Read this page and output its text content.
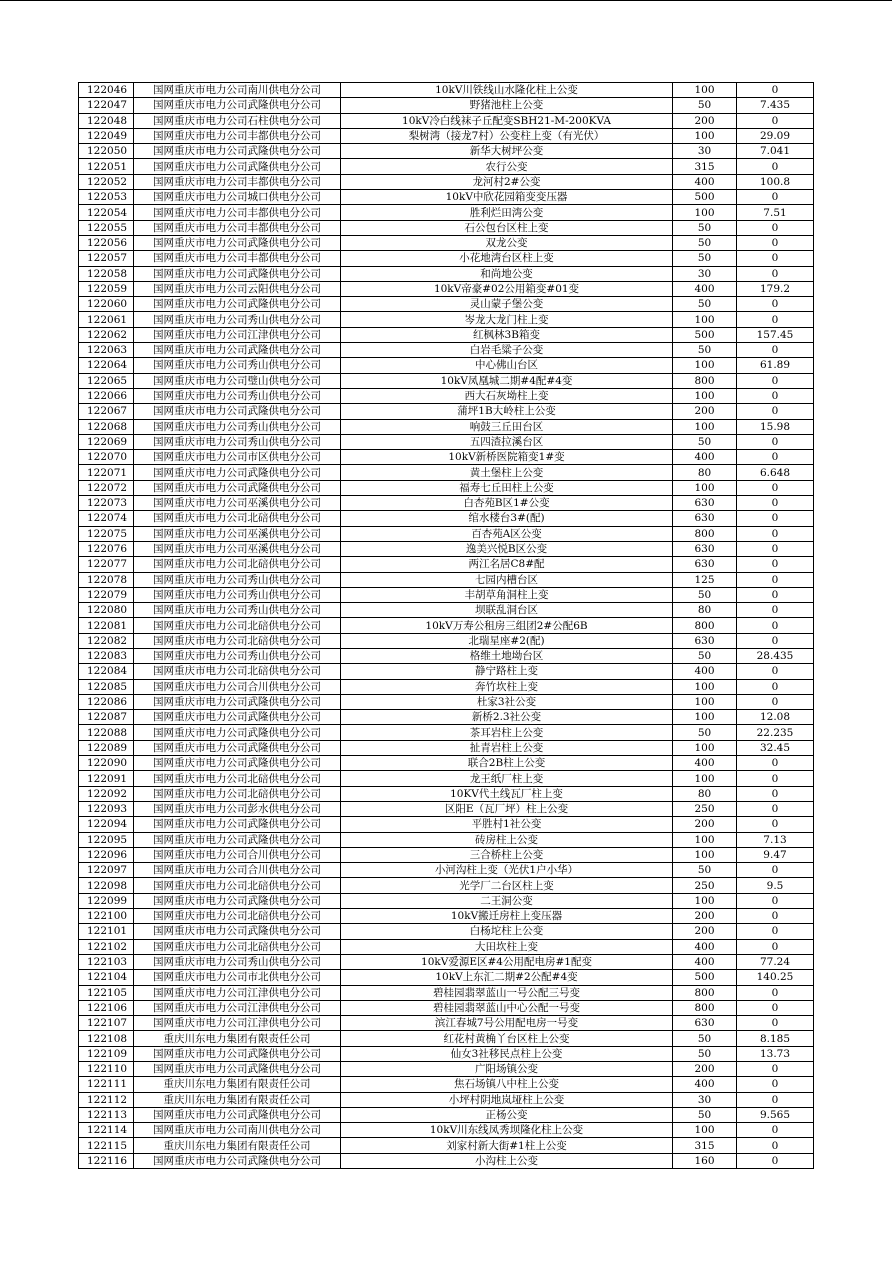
122046	国网重庆市电力公司南川供电分公司	10kV川铁线山水隆化柱上公变	100	0
122047	国网重庆市电力公司武隆供电分公司	野猪池柱上公变	50	7.435
122048	国网重庆市电力公司石柱供电分公司	10kV冷白线袜子丘配变SBH21-M-200KVA	200	0
122049	国网重庆市电力公司丰都供电分公司	梨树湾（接龙7村）公变柱上变（有光伏）	100	29.09
122050	国网重庆市电力公司武隆供电分公司	新华大树坪公变	30	7.041
122051	国网重庆市电力公司武隆供电分公司	农行公变	315	0
122052	国网重庆市电力公司丰都供电分公司	龙河村2#公变	400	100.8
122053	国网重庆市电力公司城口供电分公司	10kV中欣花园箱变变压器	500	0
122054	国网重庆市电力公司丰都供电分公司	胜利烂田湾公变	100	7.51
122055	国网重庆市电力公司丰都供电分公司	石公包台区柱上变	50	0
122056	国网重庆市电力公司武隆供电分公司	双龙公变	50	0
122057	国网重庆市电力公司丰都供电分公司	小花地湾台区柱上变	50	0
122058	国网重庆市电力公司武隆供电分公司	和尚地公变	30	0
122059	国网重庆市电力公司云阳供电分公司	10kV帝豪#02公用箱变#01变	400	179.2
122060	国网重庆市电力公司武隆供电分公司	灵山蒙子堡公变	50	0
122061	国网重庆市电力公司秀山供电分公司	岑龙大龙门柱上变	100	0
122062	国网重庆市电力公司江津供电分公司	红枫林3B箱变	500	157.45
122063	国网重庆市电力公司武隆供电分公司	白岩毛粱子公变	50	0
122064	国网重庆市电力公司秀山供电分公司	中心佛山台区	100	61.89
122065	国网重庆市电力公司璧山供电分公司	10kV凤凰城二期#4配#4变	800	0
122066	国网重庆市电力公司秀山供电分公司	西大石灰坳柱上变	100	0
122067	国网重庆市电力公司武隆供电分公司	蒲坪1B大岭柱上公变	200	0
122068	国网重庆市电力公司秀山供电分公司	响鼓三丘田台区	100	15.98
122069	国网重庆市电力公司秀山供电分公司	五四渣拉溪台区	50	0
122070	国网重庆市电力公司市区供电分公司	10kV新桥医院箱变1#变	400	0
122071	国网重庆市电力公司武隆供电分公司	黄土堡柱上公变	80	6.648
122072	国网重庆市电力公司武隆供电分公司	福寿七丘田柱上公变	100	0
122073	国网重庆市电力公司巫溪供电分公司	白杏苑B区1#公变	630	0
122074	国网重庆市电力公司北碚供电分公司	绾水楼台3#(配)	630	0
122075	国网重庆市电力公司巫溪供电分公司	百杏苑A区公变	800	0
122076	国网重庆市电力公司巫溪供电分公司	逸美兴悦B区公变	630	0
122077	国网重庆市电力公司北碚供电分公司	两江名居C8#配	630	0
122078	国网重庆市电力公司秀山供电分公司	七园内槽台区	125	0
122079	国网重庆市电力公司秀山供电分公司	丰胡草角洞柱上变	50	0
122080	国网重庆市电力公司秀山供电分公司	坝联乱洞台区	80	0
122081	国网重庆市电力公司北碚供电分公司	10kV万寿公租房三组团2#公配6B	800	0
122082	国网重庆市电力公司北碚供电分公司	北瑞星座#2(配)	630	0
122083	国网重庆市电力公司秀山供电分公司	格维土地坳台区	50	28.435
122084	国网重庆市电力公司北碚供电分公司	静宁路柱上变	400	0
122085	国网重庆市电力公司合川供电分公司	奔竹坎柱上变	100	0
122086	国网重庆市电力公司武隆供电分公司	杜家3社公变	100	0
122087	国网重庆市电力公司武隆供电分公司	新桥2.3社公变	100	12.08
122088	国网重庆市电力公司武隆供电分公司	茶耳岩柱上公变	50	22.235
122089	国网重庆市电力公司武隆供电分公司	扯青岩柱上公变	100	32.45
122090	国网重庆市电力公司武隆供电分公司	联合2B柱上公变	400	0
122091	国网重庆市电力公司北碚供电分公司	龙王纸厂柱上变	100	0
122092	国网重庆市电力公司北碚供电分公司	10KV代土线瓦厂柱上变	80	0
122093	国网重庆市电力公司彭水供电分公司	区阳E（瓦厂坪）柱上公变	250	0
122094	国网重庆市电力公司武隆供电分公司	平胜村1社公变	200	0
122095	国网重庆市电力公司武隆供电分公司	砖房柱上公变	100	7.13
122096	国网重庆市电力公司合川供电分公司	三合桥柱上公变	100	9.47
122097	国网重庆市电力公司合川供电分公司	小河沟柱上变（光伏1户小华）	50	0
122098	国网重庆市电力公司北碚供电分公司	光学厂二台区柱上变	250	9.5
122099	国网重庆市电力公司武隆供电分公司	二王洞公变	100	0
122100	国网重庆市电力公司北碚供电分公司	10kV搬迁房柱上变压器	200	0
122101	国网重庆市电力公司武隆供电分公司	白杨坨柱上公变	200	0
122102	国网重庆市电力公司北碚供电分公司	大田坎柱上变	400	0
122103	国网重庆市电力公司秀山供电分公司	10kV爱源E区#4公用配电房#1配变	400	77.24
122104	国网重庆市电力公司市北供电分公司	10kV上东汇二期#2公配#4变	500	140.25
122105	国网重庆市电力公司江津供电分公司	碧桂园翡翠蓝山一号公配三号变	800	0
122106	国网重庆市电力公司江津供电分公司	碧桂园翡翠蓝山中心公配一号变	800	0
122107	国网重庆市电力公司江津供电分公司	滨江春城7号公用配电房一号变	630	0
122108	重庆川东电力集团有限责任公司	红花村黄桷丫台区柱上公变	50	8.185
122109	国网重庆市电力公司武隆供电分公司	仙女3社移民点柱上公变	50	13.73
122110	国网重庆市电力公司武隆供电分公司	广阳场镇公变	200	0
122111	重庆川东电力集团有限责任公司	焦石场镇八中柱上公变	400	0
122112	重庆川东电力集团有限责任公司	小坪村阴地岚垭柱上公变	30	0
122113	国网重庆市电力公司武隆供电分公司	正杨公变	50	9.565
122114	国网重庆市电力公司南川供电分公司	10kV川东线凤秀坝隆化柱上公变	100	0
122115	重庆川东电力集团有限责任公司	刘家村新大街#1柱上公变	315	0
122116	国网重庆市电力公司武隆供电分公司	小沟柱上公变	160	0
